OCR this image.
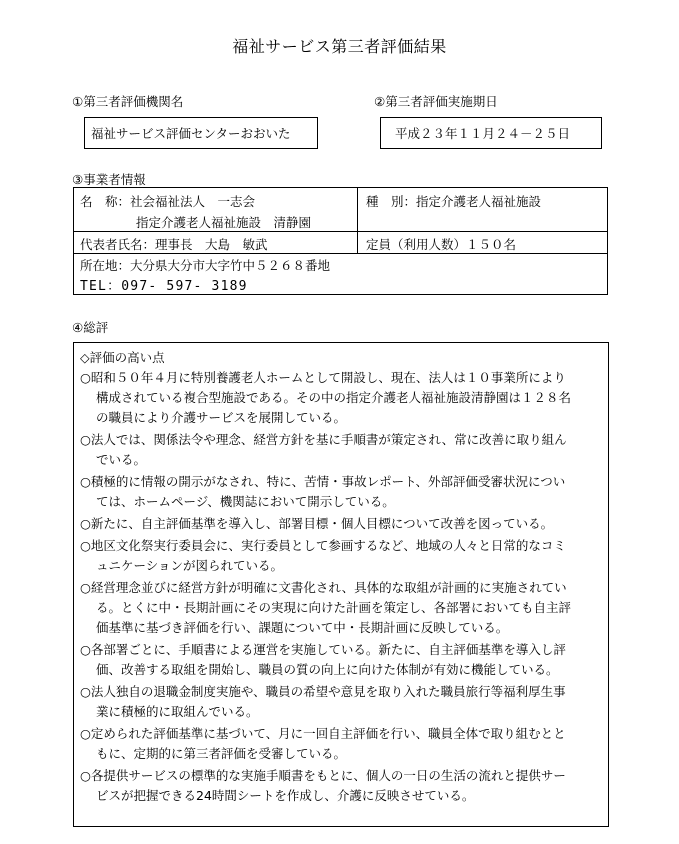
福祉サービス第三者評価結果
①第三者評価機関名
福祉サービス評価センターおおいた
②第三者評価実施期日
平成２３年１１月２４－２５日
③事業者情報
名　称：社会福祉法人　一志会
指定介護老人福祉施設　清静園
種　別：指定介護老人福祉施設
代表者氏名：理事長　大島　敏武	定員（利用人数）１５０名
所在地：大分県大分市大字竹中５２６８番地
TEL：097- 597- 3189
④総評
◇評価の高い点
○昭和５０年４月に特別養護老人ホームとして開設し、現在、法人は１０事業所により
構成されている複合型施設である。その中の指定介護老人福祉施設清静園は１２８名
の職員により介護サービスを展開している。
○法人では、関係法令や理念、経営方針を基に手順書が策定され、常に改善に取り組ん
でいる。
○積極的に情報の開示がなされ、特に、苦情・事故レポート、外部評価受審状況につい
ては、ホームページ、機関誌において開示している。
○新たに、自主評価基準を導入し、部署目標・個人目標について改善を図っている。
○地区文化祭実行委員会に、実行委員として参画するなど、地域の人々と日常的なコミ
ュニケーションが図られている。
○経営理念並びに経営方針が明確に文書化され、具体的な取組が計画的に実施されてい
る。とくに中・長期計画にその実現に向けた計画を策定し、各部署においても自主評
価基準に基づき評価を行い、課題について中・長期計画に反映している。
○各部署ごとに、手順書による運営を実施している。新たに、自主評価基準を導入し評
価、改善する取組を開始し、職員の質の向上に向けた体制が有効に機能している。
○法人独自の退職金制度実施や、職員の希望や意見を取り入れた職員旅行等福利厚生事
業に積極的に取組んでいる。
○定められた評価基準に基づいて、月に一回自主評価を行い、職員全体で取り組むとと
もに、定期的に第三者評価を受審している。
○各提供サービスの標準的な実施手順書をもとに、個人の一日の生活の流れと提供サー
ビスが把握できる24時間シートを作成し、介護に反映させている。
